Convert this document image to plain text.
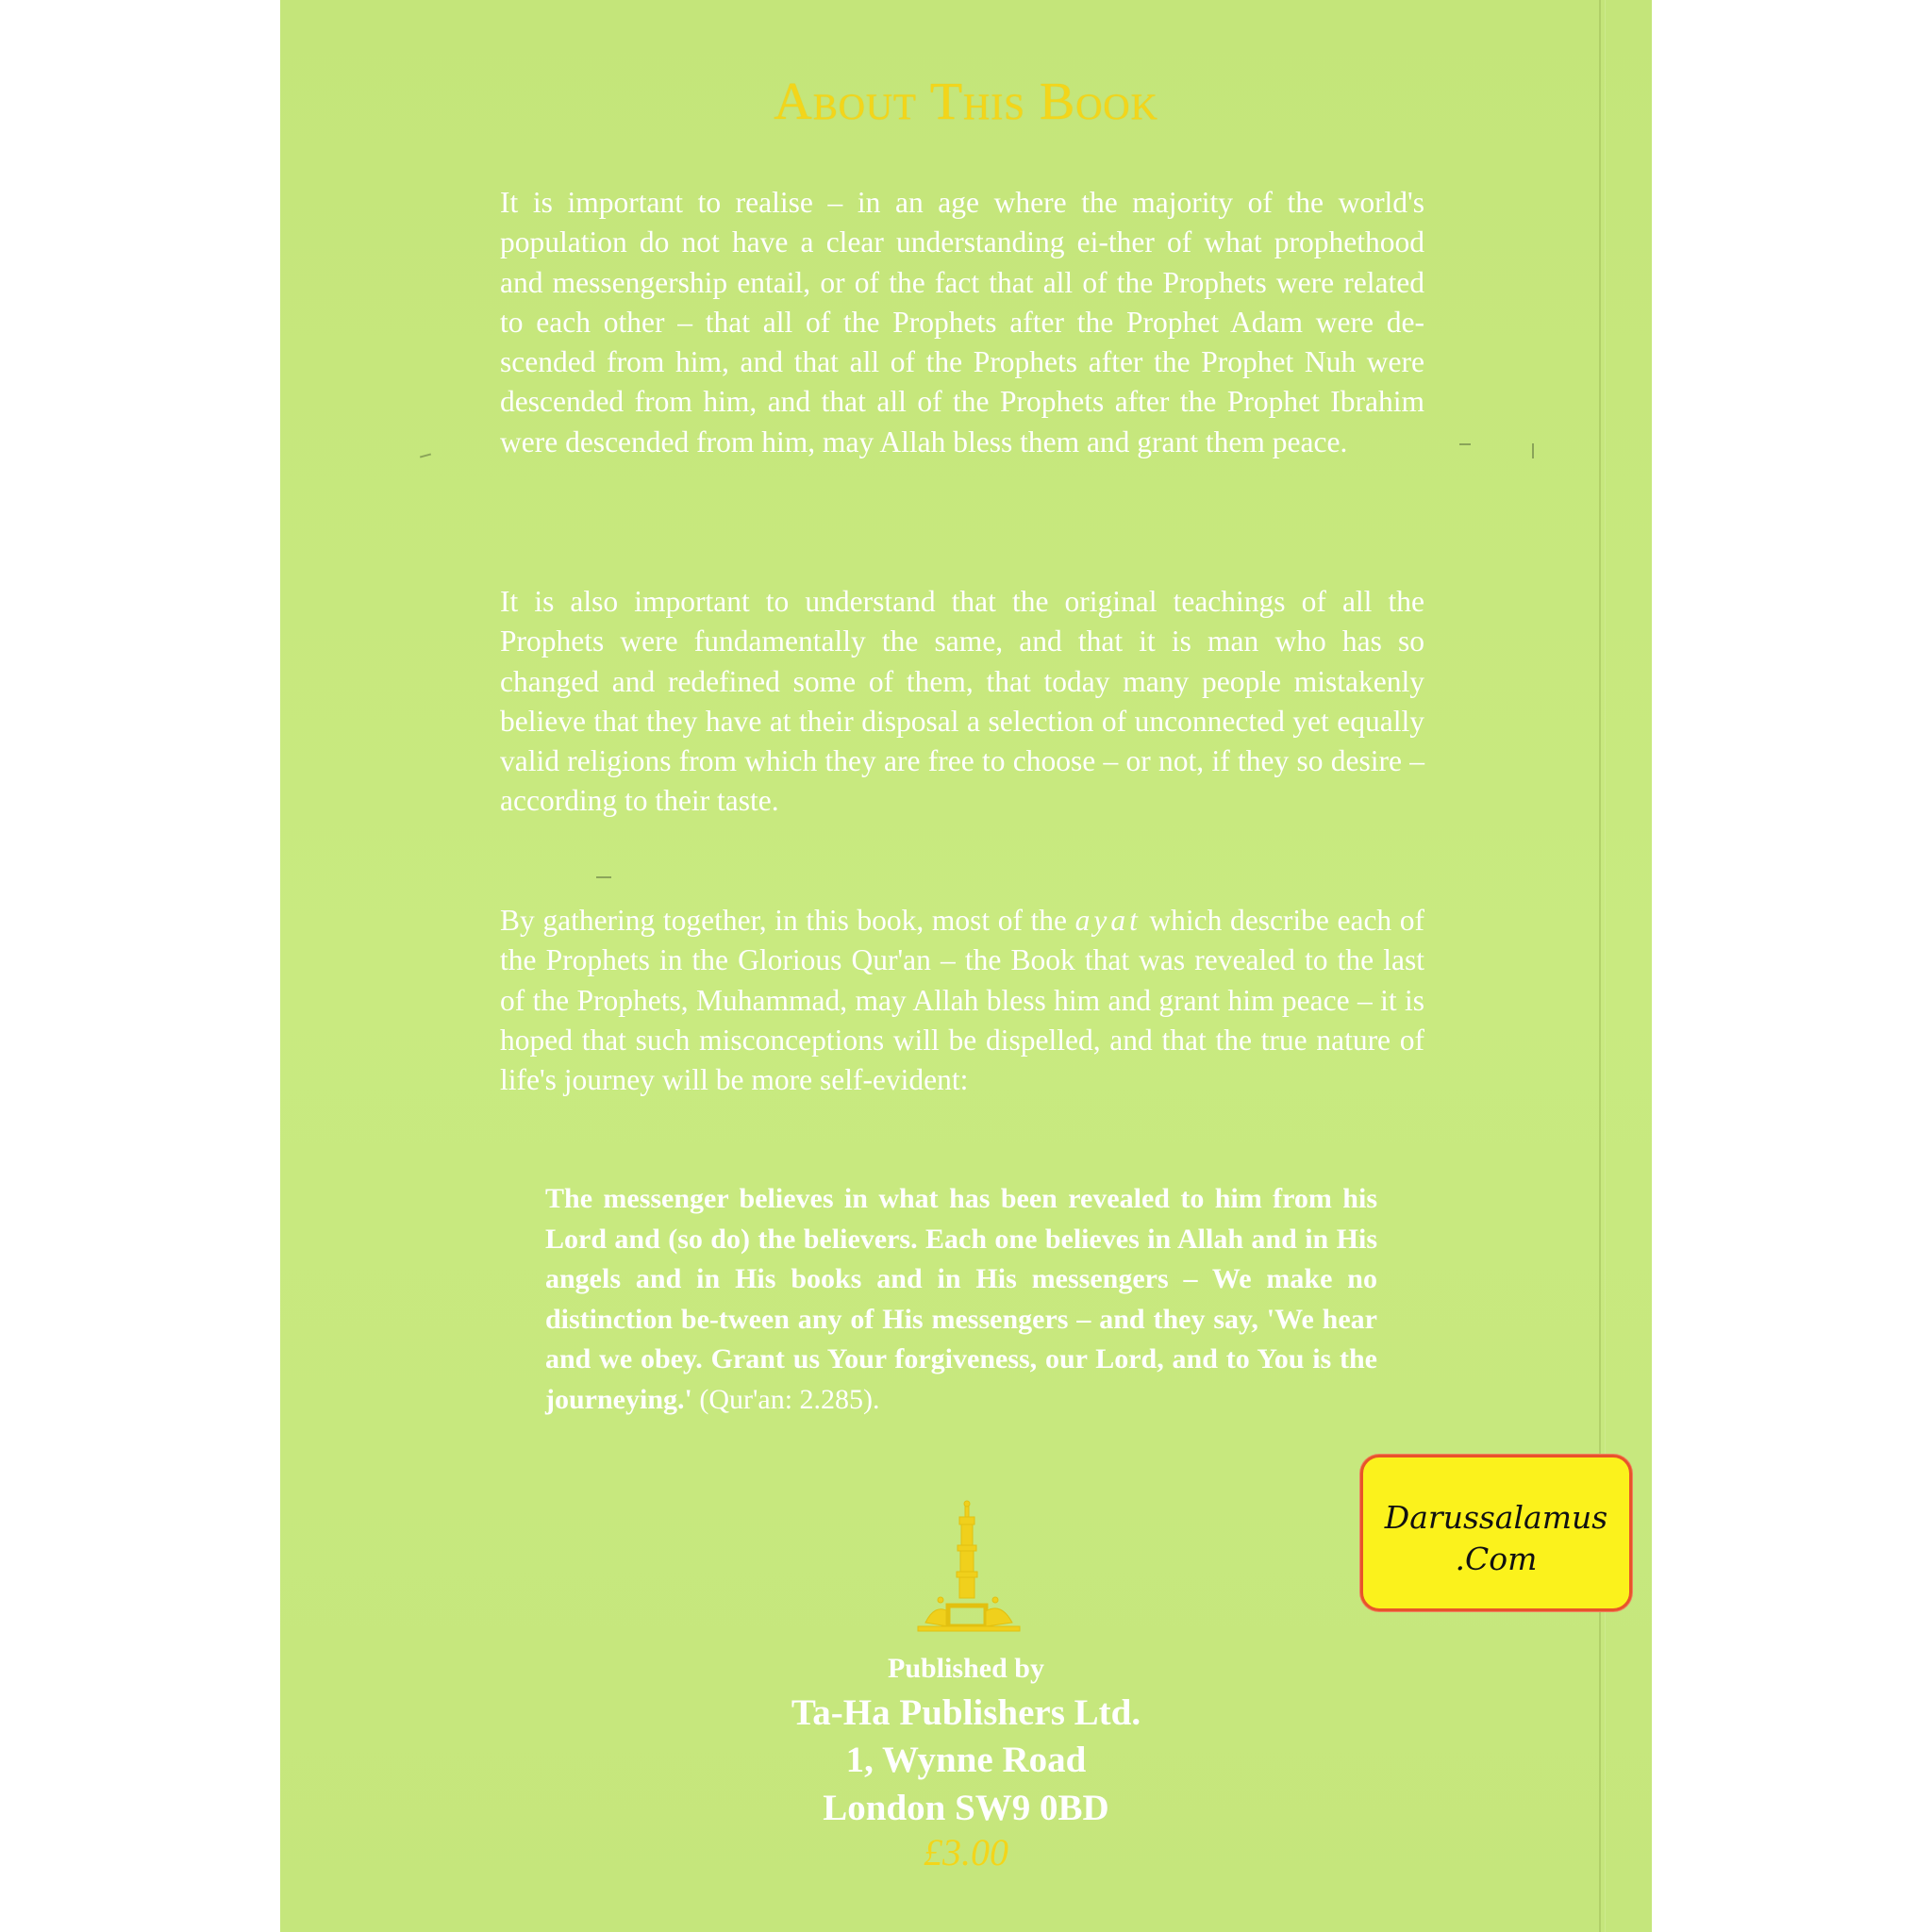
About This Book
It is important to realise – in an age where the majority of the world's population do not have a clear understanding ei-ther of what prophethood and messengership entail, or of the fact that all of the Prophets were related to each other – that all of the Prophets after the Prophet Adam were de-scended from him, and that all of the Prophets after the Prophet Nuh were descended from him, and that all of the Prophets after the Prophet Ibrahim were descended from him, may Allah bless them and grant them peace.
It is also important to understand that the original teachings of all the Prophets were fundamentally the same, and that it is man who has so changed and redefined some of them, that today many people mistakenly believe that they have at their disposal a selection of unconnected yet equally valid religions from which they are free to choose – or not, if they so desire – according to their taste.
By gathering together, in this book, most of the ayat which describe each of the Prophets in the Glorious Qur'an – the Book that was revealed to the last of the Prophets, Muhammad, may Allah bless him and grant him peace – it is hoped that such misconceptions will be dispelled, and that the true nature of life's journey will be more self-evident:
The messenger believes in what has been revealed to him from his Lord and (so do) the believers. Each one believes in Allah and in His angels and in His books and in His messengers – We make no distinction be-tween any of His messengers – and they say, 'We hear and we obey. Grant us Your forgiveness, our Lord, and to You is the journeying.' (Qur'an: 2.285).
Published by
Ta-Ha Publishers Ltd.
1, Wynne Road
London SW9 0BD
£3.00
Darussalamus
.Com
